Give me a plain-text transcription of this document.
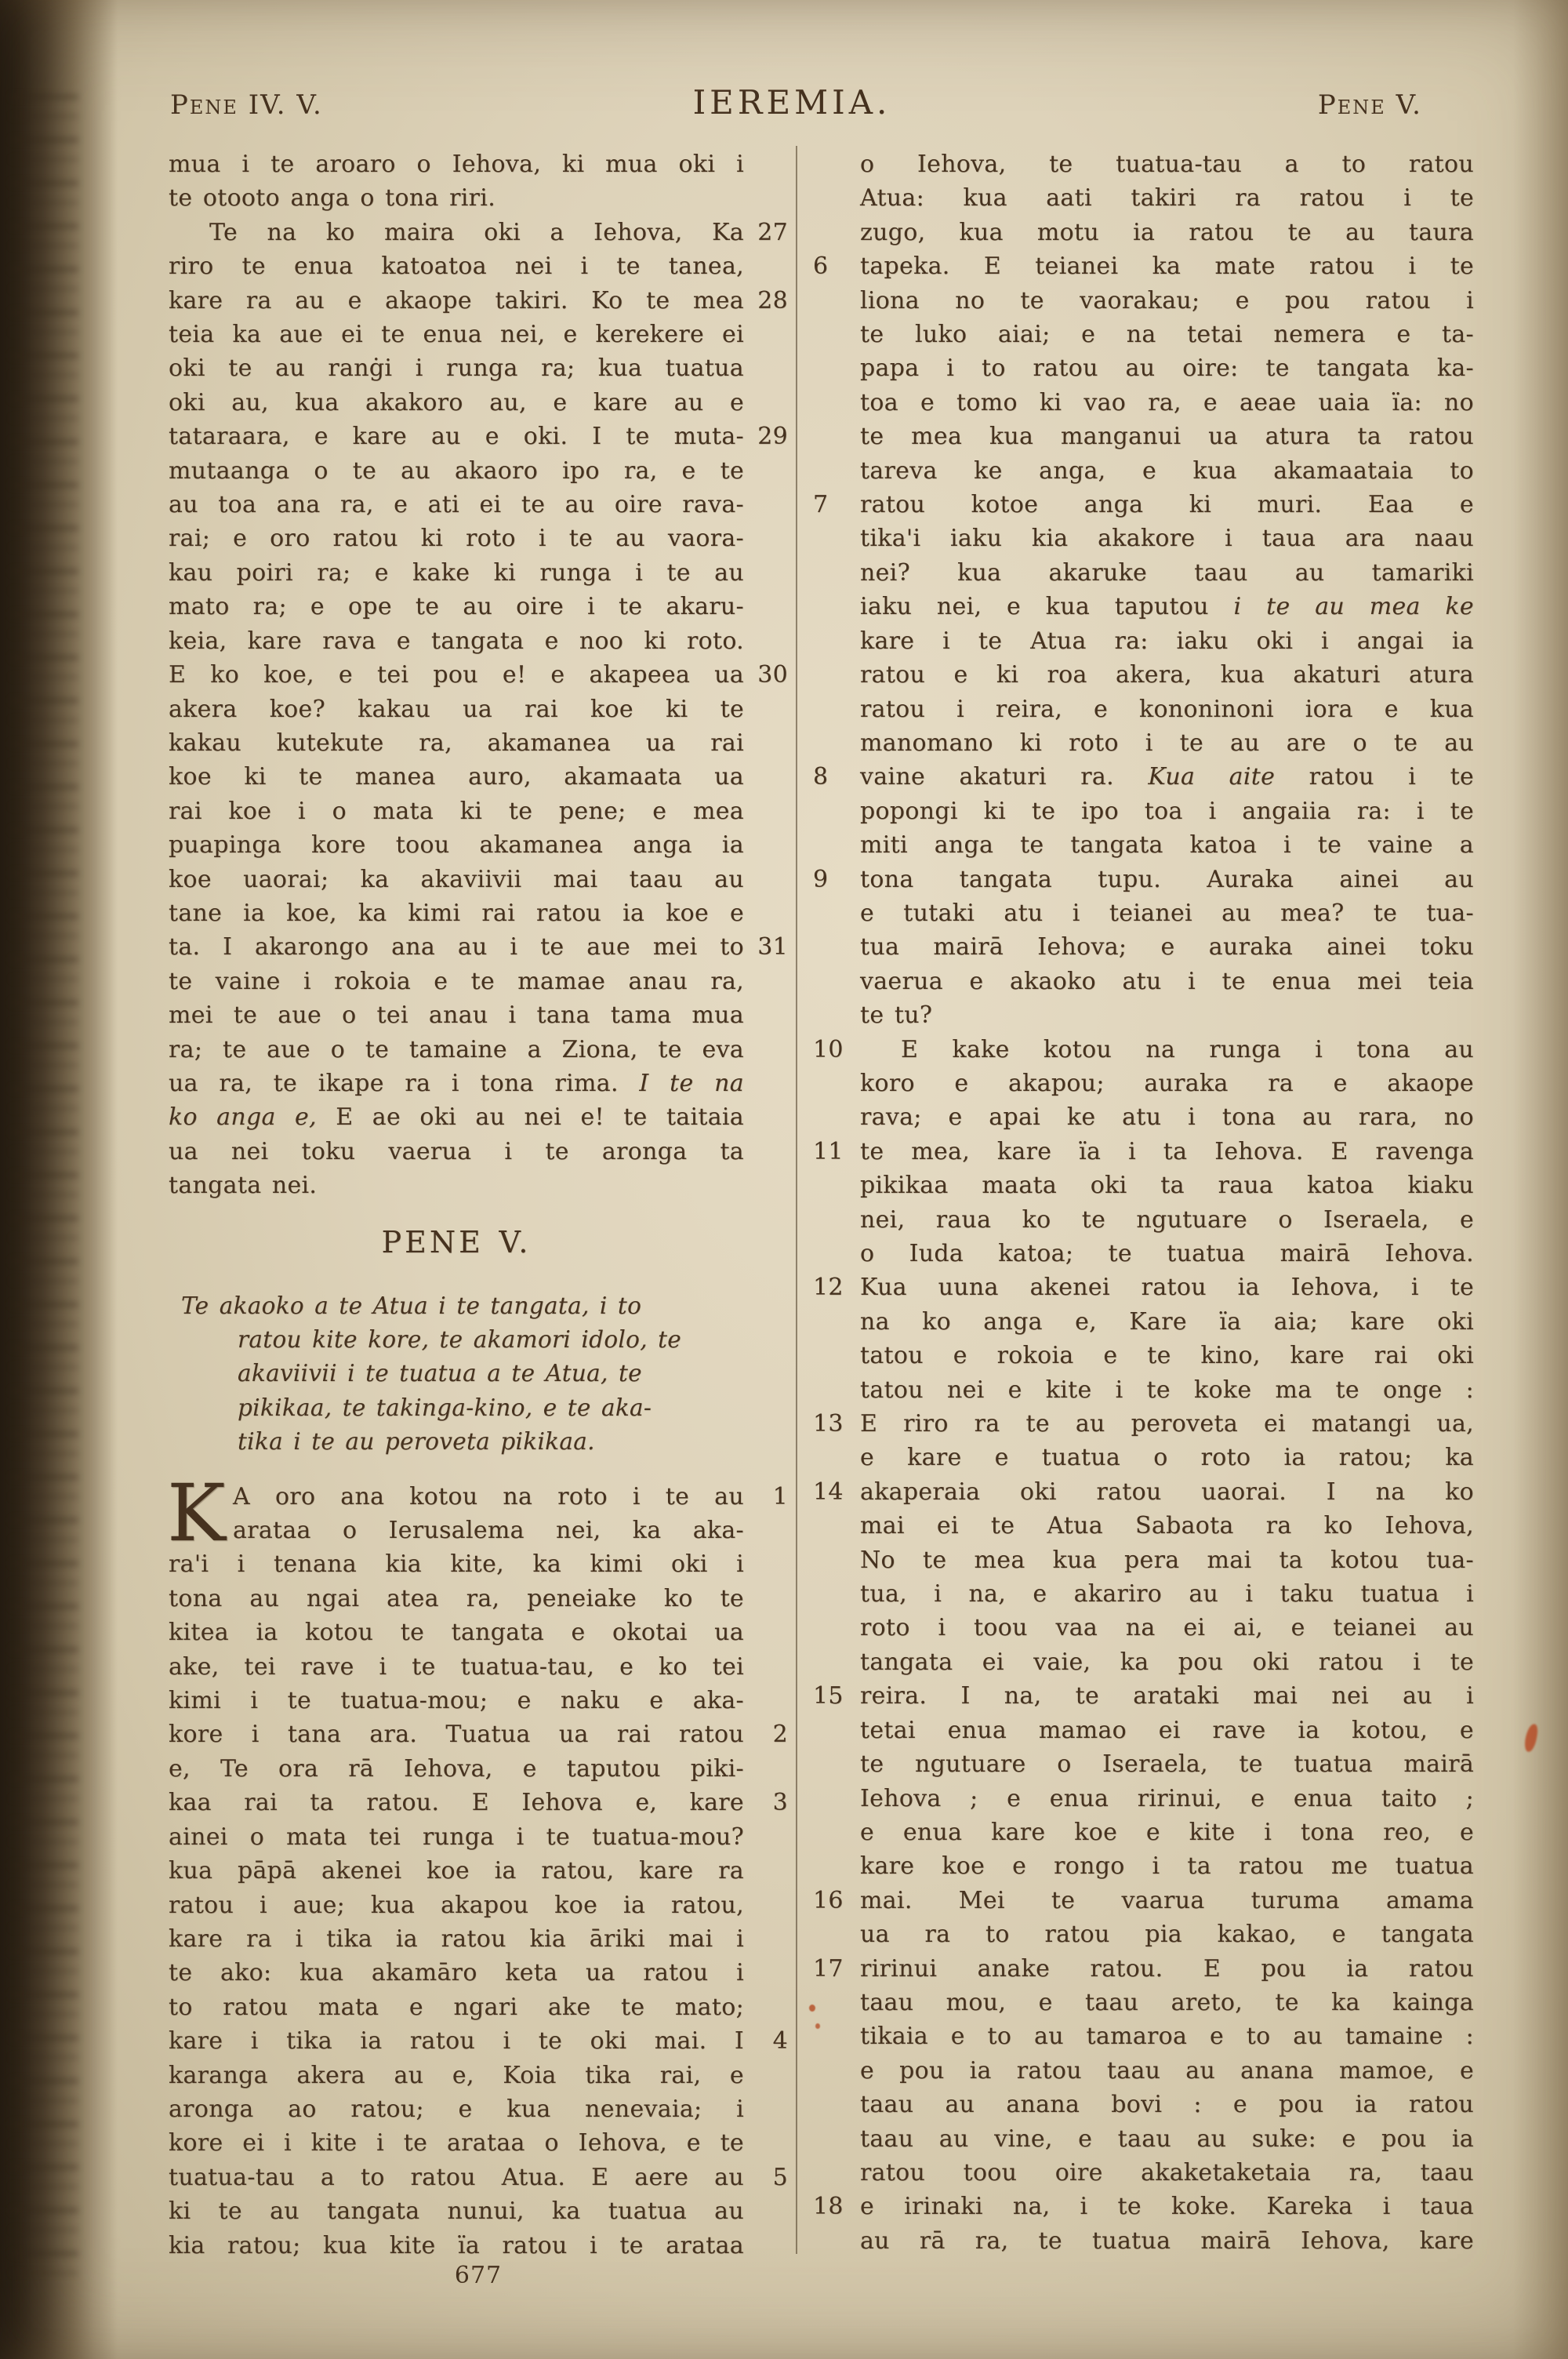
Pene IV. V.	IEREMIA.	Pene V.
mua i te aroaro o Iehova, ki mua oki i
te otooto anga o tona riri.
Te na ko maira oki a Iehova, Ka 27
riro te enua katoatoa nei i te tanea,
kare ra au e akaope takiri. Ko te mea 28
teia ka aue ei te enua nei, e kerekere ei
oki te au ranġi i runga ra; kua tuatua
oki au, kua akakoro au, e kare au e
tataraara, e kare au e oki. I te muta- 29
mutaanga o te au akaoro ipo ra, e te
au toa ana ra, e ati ei te au oire rava-
rai; e oro ratou ki roto i te au vaora-
kau poiri ra; e kake ki runga i te au
mato ra; e ope te au oire i te akaru-
keia, kare rava e tangata e noo ki roto.
E ko koe, e tei pou e! e akapeea ua 30
akera koe? kakau ua rai koe ki te
kakau kutekute ra, akamanea ua rai
koe ki te manea auro, akamaata ua
rai koe i o mata ki te pene; e mea
puapinga kore toou akamanea anga ia
koe uaorai; ka akaviivii mai taau au
tane ia koe, ka kimi rai ratou ia koe e
ta. I akarongo ana au i te aue mei to 31
te vaine i rokoia e te mamae anau ra,
mei te aue o tei anau i tana tama mua
ra; te aue o te tamaine a Ziona, te eva
ua ra, te ikape ra i tona rima. I te na
ko anga e, E ae oki au nei e! te taitaia
ua nei toku vaerua i te aronga ta
tangata nei.
PENE V.
Te akaoko a te Atua i te tangata, i to
ratou kite kore, te akamori idolo, te
akaviivii i te tuatua a te Atua, te
pikikaa, te takinga-kino, e te aka-
tika i te au peroveta pikikaa.
K A oro ana kotou na roto i te au	1
arataa o Ierusalema nei, ka aka-
ra'i i tenana kia kite, ka kimi oki i
tona au ngai atea ra, peneiake ko te
kitea ia kotou te tangata e okotai ua
ake, tei rave i te tuatua-tau, e ko tei
kimi i te tuatua-mou; e naku e aka-
kore i tana ara. Tuatua ua rai ratou	2
e, Te ora rā Iehova, e taputou piki-
kaa rai ta ratou. E Iehova e, kare	3
ainei o mata tei runga i te tuatua-mou?
kua pāpā akenei koe ia ratou, kare ra
ratou i aue; kua akapou koe ia ratou,
kare ra i tika ia ratou kia āriki mai i
te ako: kua akamāro keta ua ratou i
to ratou mata e ngari ake te mato;
kare i tika ia ratou i te oki mai. I	4
karanga akera au e, Koia tika rai, e
aronga ao ratou; e kua nenevaia; i
kore ei i kite i te arataa o Iehova, e te
tuatua-tau a to ratou Atua. E aere au	5
ki te au tangata nunui, ka tuatua au
kia ratou; kua kite ïa ratou i te arataa
o Iehova, te tuatua-tau a to ratou
Atua: kua aati takiri ra ratou i te
zugo, kua motu ia ratou te au taura
6	tapeka. E teianei ka mate ratou i te
liona no te vaorakau; e pou ratou i
te luko aiai; e na tetai nemera e ta-
papa i to ratou au oire: te tangata ka-
toa e tomo ki vao ra, e aeae uaia ïa: no
te mea kua manganui ua atura ta ratou
tareva ke anga, e kua akamaataia to
7	ratou kotoe anga ki muri. Eaa e
tika'i iaku kia akakore i taua ara naau
nei? kua akaruke taau au tamariki
iaku nei, e kua taputou i te au mea ke
kare i te Atua ra: iaku oki i angai ia
ratou e ki roa akera, kua akaturi atura
ratou i reira, e kononinoni iora e kua
manomano ki roto i te au are o te au
8	vaine akaturi ra. Kua aite ratou i te
popongi ki te ipo toa i angaiia ra: i te
miti anga te tangata katoa i te vaine a
9	tona tangata tupu. Auraka ainei au
e tutaki atu i teianei au mea? te tua-
tua mairā Iehova; e auraka ainei toku
vaerua e akaoko atu i te enua mei teia
te tu?
10	E kake kotou na runga i tona au
koro e akapou; auraka ra e akaope
rava; e apai ke atu i tona au rara, no
11 te mea, kare ïa i ta Iehova. E ravenga
pikikaa maata oki ta raua katoa kiaku
nei, raua ko te ngutuare o Iseraela, e
o Iuda katoa; te tuatua mairā Iehova.
12 Kua uuna akenei ratou ia Iehova, i te
na ko anga e, Kare ïa aia; kare oki
tatou e rokoia e te kino, kare rai oki
tatou nei e kite i te koke ma te onge :
13 E riro ra te au peroveta ei matangi ua,
e kare e tuatua o roto ia ratou; ka
14 akaperaia oki ratou uaorai. I na ko
mai ei te Atua Sabaota ra ko Iehova,
No te mea kua pera mai ta kotou tua-
tua, i na, e akariro au i taku tuatua i
roto i toou vaa na ei ai, e teianei au
tangata ei vaie, ka pou oki ratou i te
15 reira. I na, te arataki mai nei au i
tetai enua mamao ei rave ia kotou, e
te ngutuare o Iseraela, te tuatua mairā
Iehova ; e enua ririnui, e enua taito ;
e enua kare koe e kite i tona reo, e
kare koe e rongo i ta ratou me tuatua
16 mai. Mei te vaarua turuma amama
ua ra to ratou pia kakao, e tangata
17 ririnui anake ratou. E pou ia ratou
taau mou, e taau areto, te ka kainga
tikaia e to au tamaroa e to au tamaine :
e pou ia ratou taau au anana mamoe, e
taau au anana bovi : e pou ia ratou
taau au vine, e taau au suke: e pou ia
ratou toou oire akaketaketaia ra, taau
18 e irinaki na, i te koke. Kareka i taua
au rā ra, te tuatua mairā Iehova, kare
677
